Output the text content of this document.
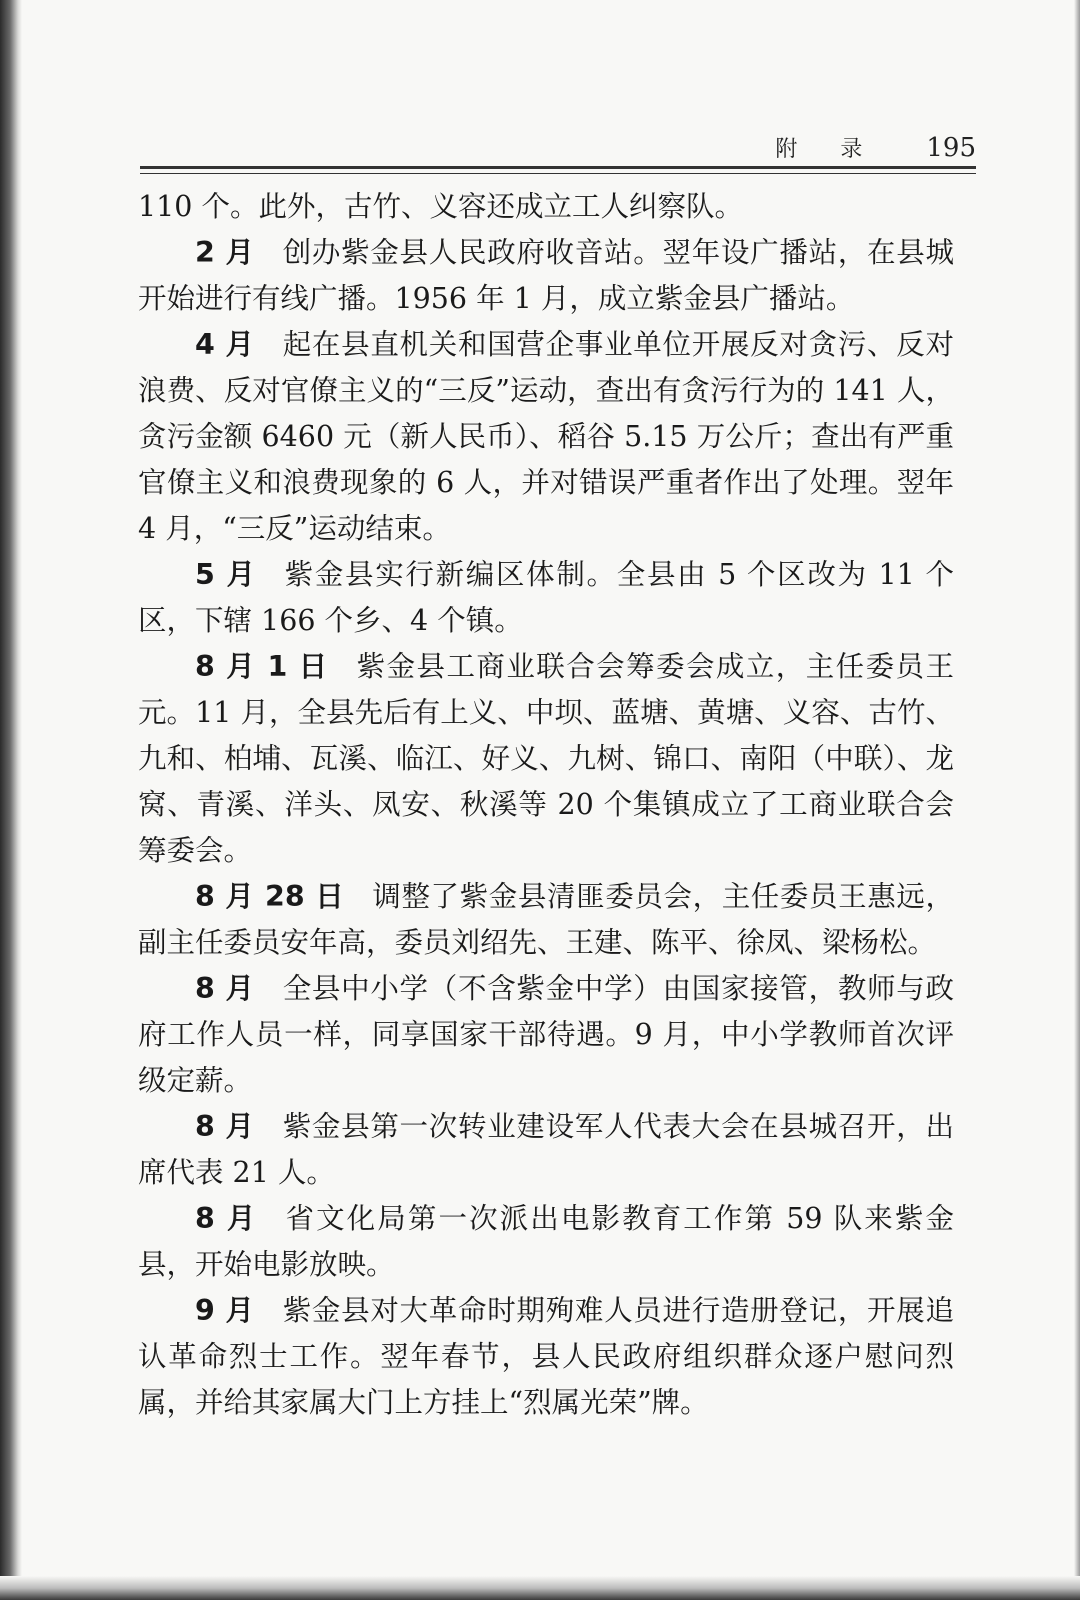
附 录 195

110 个。此外，古竹、义容还成立工人纠察队。

2 月 创办紫金县人民政府收音站。翌年设广播站，在县城开始进行有线广播。1956 年 1 月，成立紫金县广播站。

4 月 起在县直机关和国营企事业单位开展反对贪污、反对浪费、反对官僚主义的“三反”运动，查出有贪污行为的 141 人，贪污金额 6460 元（新人民币）、稻谷 5.15 万公斤；查出有严重官僚主义和浪费现象的 6 人，并对错误严重者作出了处理。翌年 4 月，“三反”运动结束。

5 月 紫金县实行新编区体制。全县由 5 个区改为 11 个区，下辖 166 个乡、4 个镇。

8 月 1 日 紫金县工商业联合会筹委会成立，主任委员王元。11 月，全县先后有上义、中坝、蓝塘、黄塘、义容、古竹、九和、柏埔、瓦溪、临江、好义、九树、锦口、南阳（中联）、龙窝、青溪、洋头、凤安、秋溪等 20 个集镇成立了工商业联合会筹委会。

8 月 28 日 调整了紫金县清匪委员会，主任委员王惠远，副主任委员安年高，委员刘绍先、王建、陈平、徐凤、梁杨松。

8 月 全县中小学（不含紫金中学）由国家接管，教师与政府工作人员一样，同享国家干部待遇。9 月，中小学教师首次评级定薪。

8 月 紫金县第一次转业建设军人代表大会在县城召开，出席代表 21 人。

8 月 省文化局第一次派出电影教育工作第 59 队来紫金县，开始电影放映。

9 月 紫金县对大革命时期殉难人员进行造册登记，开展追认革命烈士工作。翌年春节，县人民政府组织群众逐户慰问烈属，并给其家属大门上方挂上“烈属光荣”牌。
